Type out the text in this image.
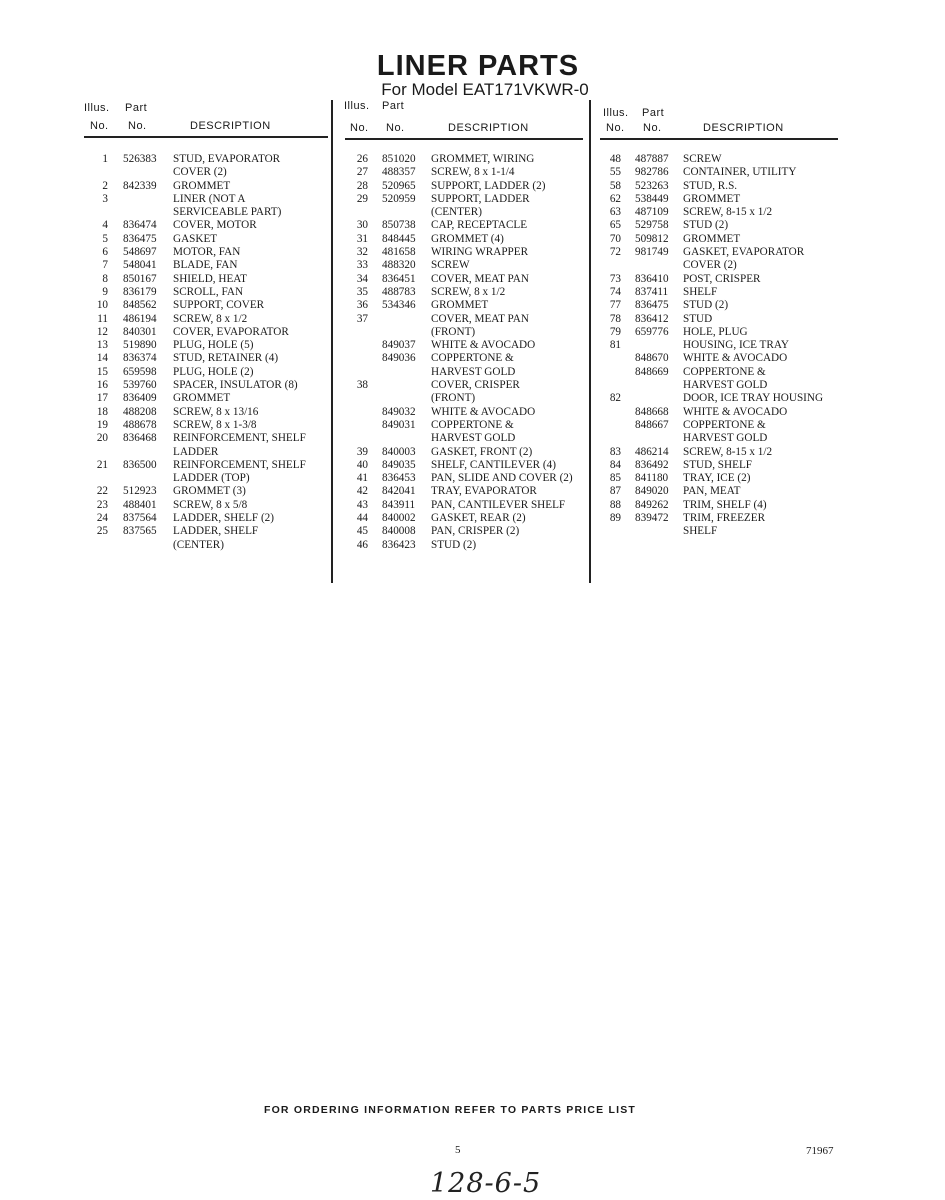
LINER PARTS
For Model EAT171VKWR-0
Illus. Part
No. No.	DESCRIPTION
Illus. Part
No. No.	DESCRIPTION
Illus. Part
No. No.	DESCRIPTION
1 526383 STUD, EVAPORATOR
COVER (2)
2 842339 GROMMET
3	LINER (NOT A
SERVICEABLE PART)
4 836474 COVER, MOTOR
5 836475 GASKET
6 548697 MOTOR, FAN
7 548041 BLADE, FAN
8 850167 SHIELD, HEAT
9 836179 SCROLL, FAN
10 848562 SUPPORT, COVER
11 486194 SCREW, 8 x 1/2
12 840301 COVER, EVAPORATOR
13 519890 PLUG, HOLE (5)
14 836374 STUD, RETAINER (4)
15 659598 PLUG, HOLE (2)
16 539760 SPACER, INSULATOR (8)
17 836409 GROMMET
18 488208 SCREW, 8 x 13/16
19 488678 SCREW, 8 x 1-3/8
20 836468 REINFORCEMENT, SHELF
LADDER
21 836500 REINFORCEMENT, SHELF
LADDER (TOP)
22 512923 GROMMET (3)
23 488401 SCREW, 8 x 5/8
24 837564 LADDER, SHELF (2)
25 837565 LADDER, SHELF
(CENTER)
26 851020 GROMMET, WIRING
27 488357 SCREW, 8 x 1-1/4
28 520965 SUPPORT, LADDER (2)
29 520959 SUPPORT, LADDER
(CENTER)
30 850738 CAP, RECEPTACLE
31 848445 GROMMET (4)
32 481658 WIRING WRAPPER
33 488320 SCREW
34 836451 COVER, MEAT PAN
35 488783 SCREW, 8 x 1/2
36 534346 GROMMET
37	COVER, MEAT PAN
(FRONT)
849037 WHITE & AVOCADO
849036 COPPERTONE &
HARVEST GOLD
38	COVER, CRISPER
(FRONT)
849032 WHITE & AVOCADO
849031 COPPERTONE &
HARVEST GOLD
39 840003 GASKET, FRONT (2)
40 849035 SHELF, CANTILEVER (4)
41 836453 PAN, SLIDE AND COVER (2)
42 842041 TRAY, EVAPORATOR
43 843911 PAN, CANTILEVER SHELF
44 840002 GASKET, REAR (2)
45 840008 PAN, CRISPER (2)
46 836423 STUD (2)
48 487887 SCREW
55 982786 CONTAINER, UTILITY
58 523263 STUD, R.S.
62 538449 GROMMET
63 487109 SCREW, 8-15 x 1/2
65 529758 STUD (2)
70 509812 GROMMET
72 981749 GASKET, EVAPORATOR
COVER (2)
73 836410 POST, CRISPER
74 837411 SHELF
77 836475 STUD (2)
78 836412 STUD
79 659776 HOLE, PLUG
81	HOUSING, ICE TRAY
848670 WHITE & AVOCADO
848669 COPPERTONE &
HARVEST GOLD
82	DOOR, ICE TRAY HOUSING
848668 WHITE & AVOCADO
848667 COPPERTONE &
HARVEST GOLD
83 486214 SCREW, 8-15 x 1/2
84 836492 STUD, SHELF
85 841180 TRAY, ICE (2)
87 849020 PAN, MEAT
88 849262 TRIM, SHELF (4)
89 839472 TRIM, FREEZER
SHELF
FOR ORDERING INFORMATION REFER TO PARTS PRICE LIST
5	71967
128-6-5
